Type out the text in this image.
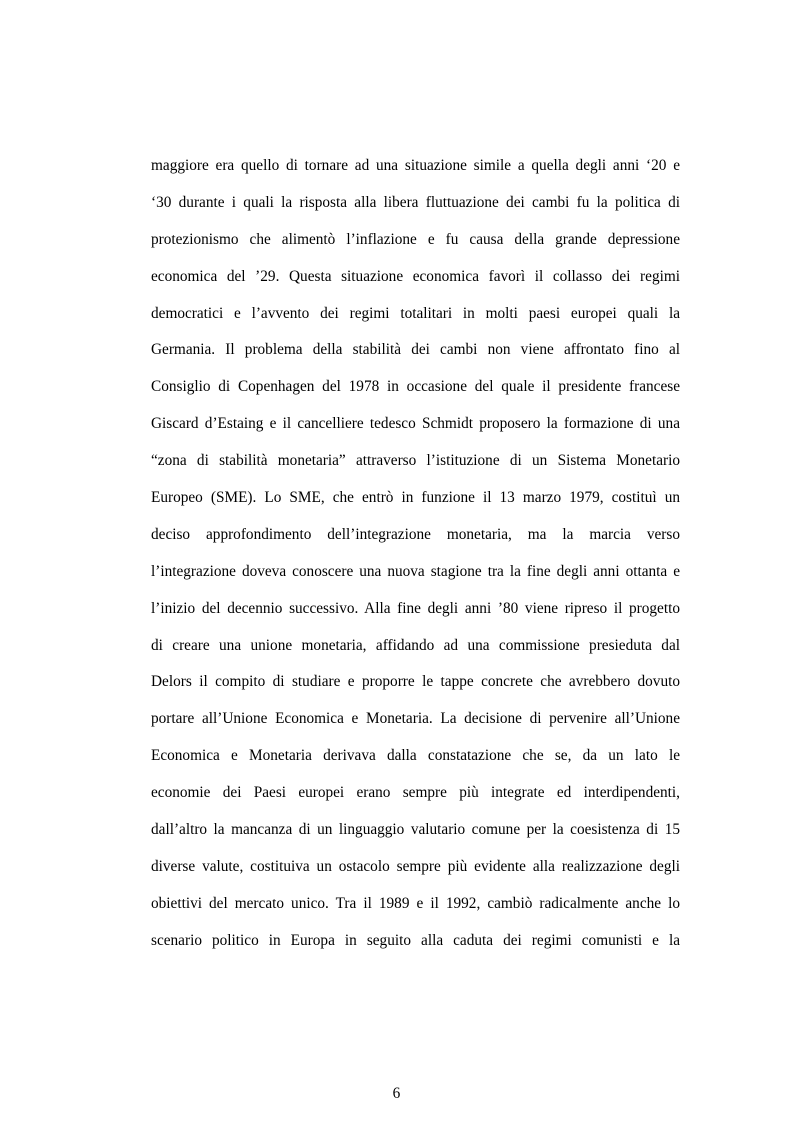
maggiore era quello di tornare ad una situazione simile a quella degli anni ‘20 e
‘30 durante i quali la risposta alla libera fluttuazione dei cambi fu la politica di
protezionismo che alimentò l’inflazione e fu causa della grande depressione
economica del ’29. Questa situazione economica favorì il collasso dei regimi
democratici e l’avvento dei regimi totalitari in molti paesi europei quali la
Germania. Il problema della stabilità dei cambi non viene affrontato fino al
Consiglio di Copenhagen del 1978 in occasione del quale il presidente francese
Giscard d’Estaing e il cancelliere tedesco Schmidt proposero la formazione di una
“zona di stabilità monetaria” attraverso l’istituzione di un Sistema Monetario
Europeo (SME). Lo SME, che entrò in funzione il 13 marzo 1979, costituì un
deciso approfondimento dell’integrazione monetaria, ma la marcia verso
l’integrazione doveva conoscere una nuova stagione tra la fine degli anni ottanta e
l’inizio del decennio successivo. Alla fine degli anni ’80 viene ripreso il progetto
di creare una unione monetaria, affidando ad una commissione presieduta dal
Delors il compito di studiare e proporre le tappe concrete che avrebbero dovuto
portare all’Unione Economica e Monetaria. La decisione di pervenire all’Unione
Economica e Monetaria derivava dalla constatazione che se, da un lato le
economie dei Paesi europei erano sempre più integrate ed interdipendenti,
dall’altro la mancanza di un linguaggio valutario comune per la coesistenza di 15
diverse valute, costituiva un ostacolo sempre più evidente alla realizzazione degli
obiettivi del mercato unico. Tra il 1989 e il 1992, cambiò radicalmente anche lo
scenario politico in Europa in seguito alla caduta dei regimi comunisti e la
6
